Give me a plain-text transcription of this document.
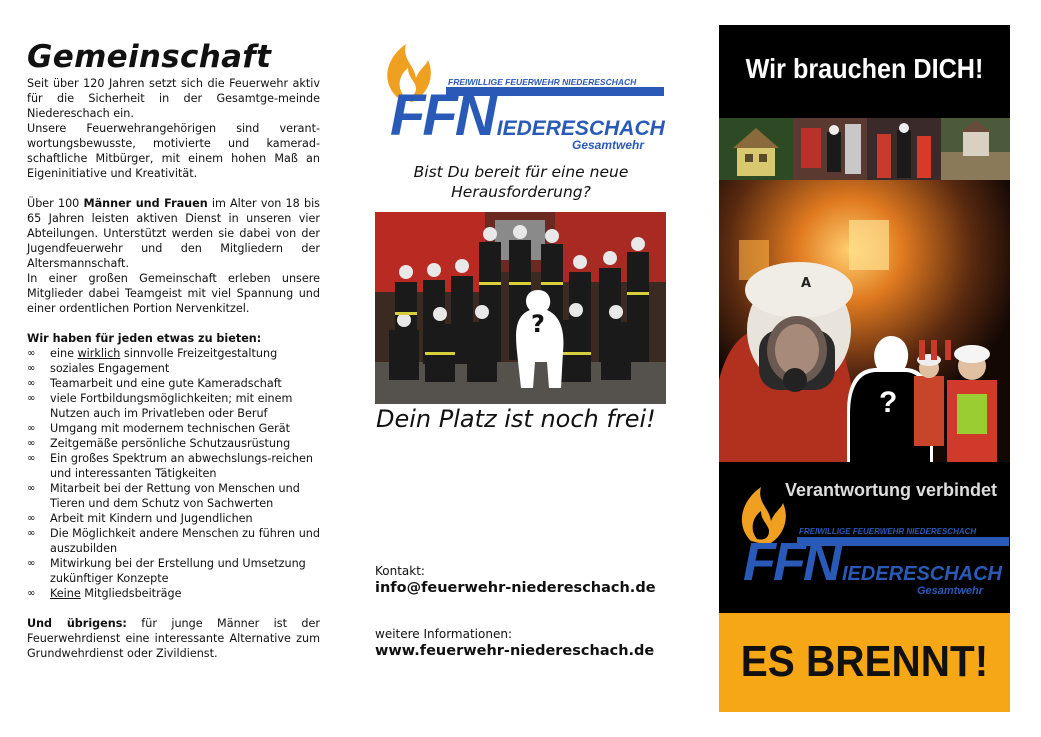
Gemeinschaft

Seit über 120 Jahren setzt sich die Feuerwehr aktiv für die Sicherheit in der Gesamtge-meinde Niedereschach ein.

Unsere Feuerwehrangehörigen sind verant-wortungsbewusste, motivierte und kamerad-schaftliche Mitbürger, mit einem hohen Maß an Eigeninitiative und Kreativität.

Über 100 Männer und Frauen im Alter von 18 bis 65 Jahren leisten aktiven Dienst in unseren vier Abteilungen. Unterstützt werden sie dabei von der Jugendfeuerwehr und den Mitgliedern der Altersmannschaft.

In einer großen Gemeinschaft erleben unsere Mitglieder dabei Teamgeist mit viel Spannung und einer ordentlichen Portion Nervenkitzel.

Wir haben für jeden etwas zu bieten:

∞ eine wirklich sinnvolle Freizeitgestaltung
∞ soziales Engagement
∞ Teamarbeit und eine gute Kameradschaft
∞ viele Fortbildungsmöglichkeiten; mit einem Nutzen auch im Privatleben oder Beruf
∞ Umgang mit modernem technischen Gerät
∞ Zeitgemäße persönliche Schutzausrüstung
∞ Ein großes Spektrum an abwechslungs-reichen und interessanten Tätigkeiten
∞ Mitarbeit bei der Rettung von Menschen und Tieren und dem Schutz von Sachwerten
∞ Arbeit mit Kindern und Jugendlichen
∞ Die Möglichkeit andere Menschen zu führen und auszubilden
∞ Mitwirkung bei der Erstellung und Umsetzung zukünftiger Konzepte
∞ Keine Mitgliedsbeiträge

Und übrigens: für junge Männer ist der Feuerwehrdienst eine interessante Alternative zum Grundwehrdienst oder Zivildienst.

FREIWILLIGE FEUERWEHR NIEDERESCHACH
FFNIEDERESCHACH
Gesamtwehr
Bist Du bereit für eine neue Herausforderung?
?
Dein Platz ist noch frei!
Kontakt:
info@feuerwehr-niedereschach.de
weitere Informationen:
www.feuerwehr-niedereschach.de
Wir brauchen DICH!
A
?
Verantwortung verbindet
FREIWILLIGE FEUERWEHR NIEDERESCHACH
FFNIEDERESCHACH
Gesamtwehr
ES BRENNT!
